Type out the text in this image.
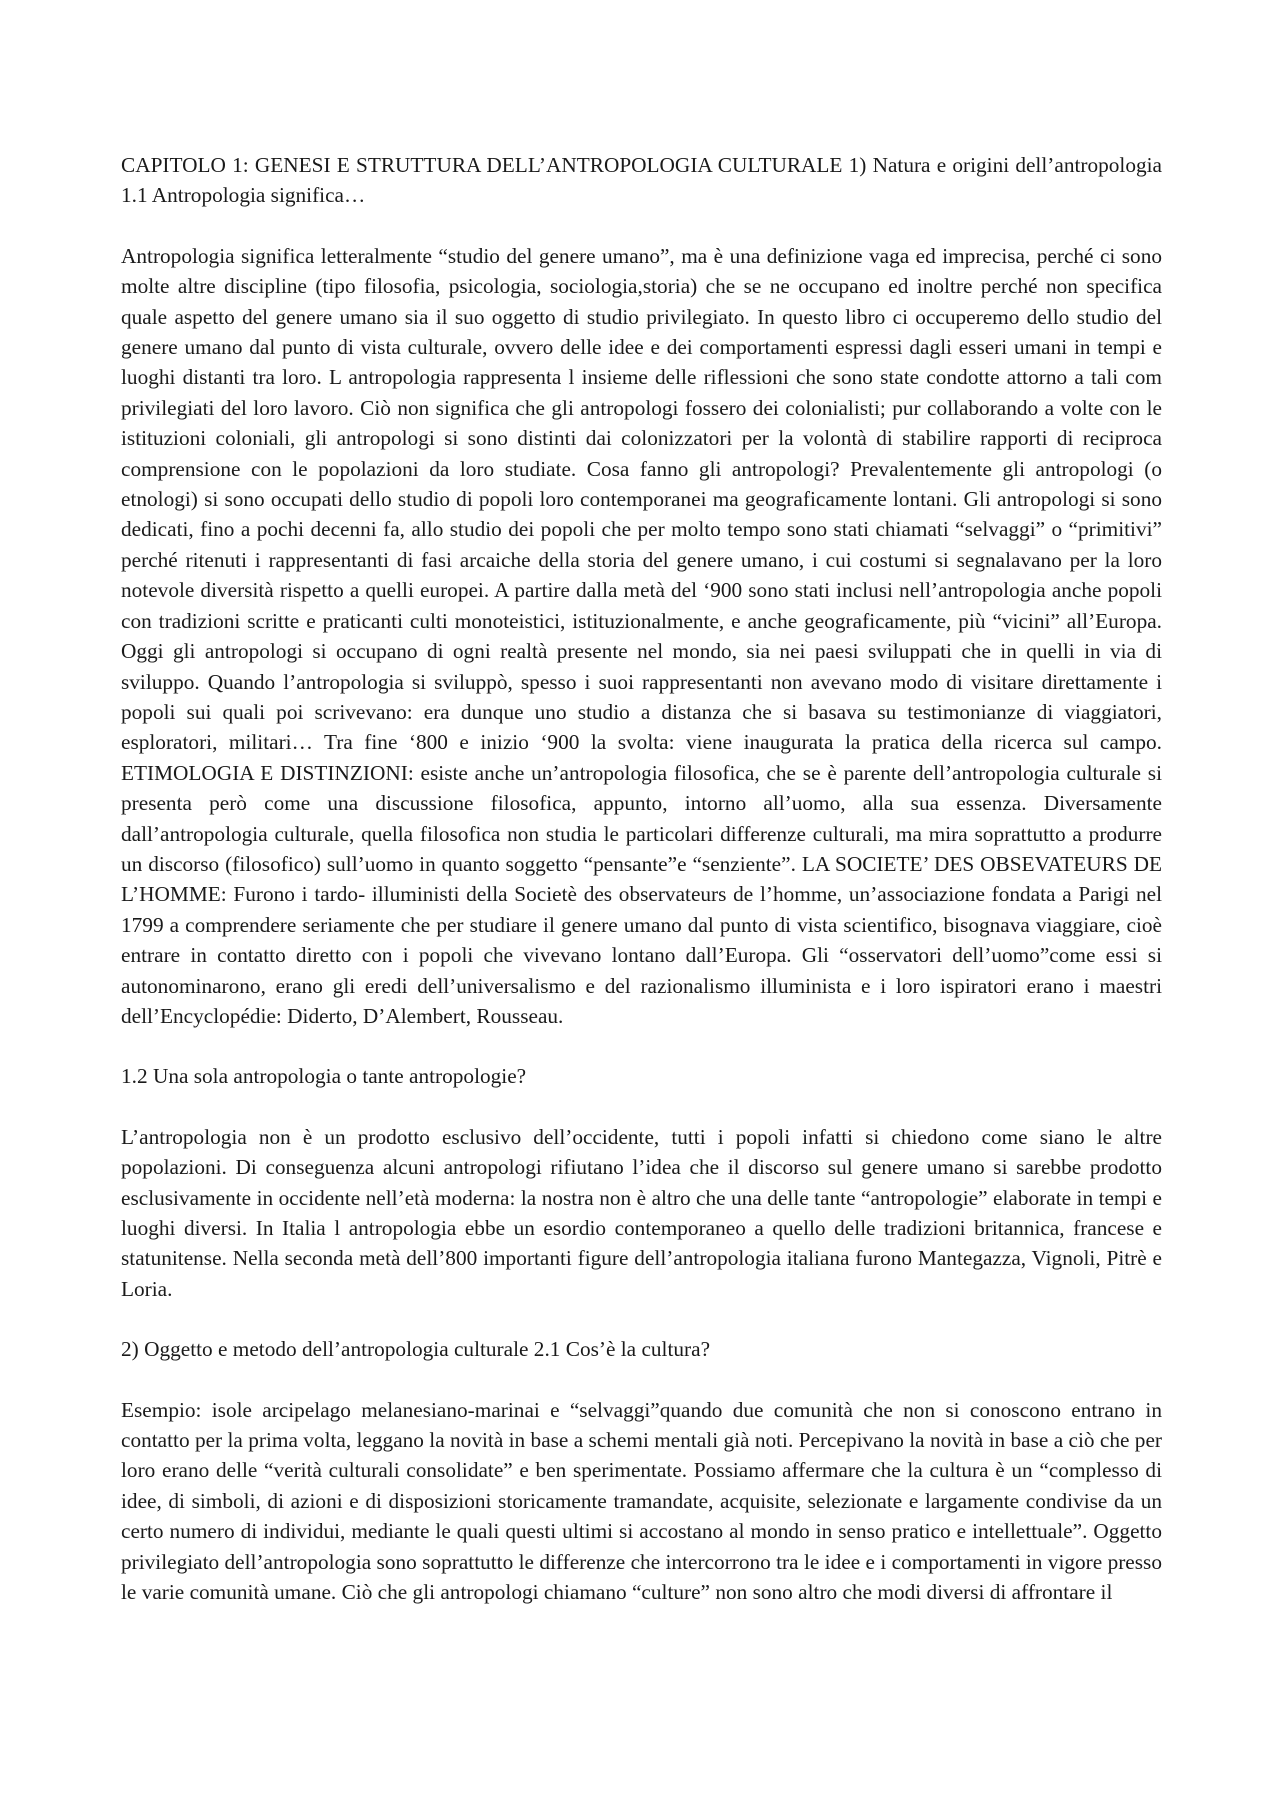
CAPITOLO 1: GENESI E STRUTTURA DELL’ANTROPOLOGIA CULTURALE 1) Natura e origini dell’antropologia 1.1 Antropologia significa…

Antropologia significa letteralmente “studio del genere umano”, ma è una definizione vaga ed imprecisa, perché ci sono molte altre discipline (tipo filosofia, psicologia, sociologia,storia) che se ne occupano ed inoltre perché non specifica quale aspetto del genere umano sia il suo oggetto di studio privilegiato. In questo libro ci occuperemo dello studio del genere umano dal punto di vista culturale, ovvero delle idee e dei comportamenti espressi dagli esseri umani in tempi e luoghi distanti tra loro. L antropologia rappresenta l insieme delle riflessioni che sono state condotte attorno a tali com privilegiati del loro lavoro. Ciò non significa che gli antropologi fossero dei colonialisti; pur collaborando a volte con le istituzioni coloniali, gli antropologi si sono distinti dai colonizzatori per la volontà di stabilire rapporti di reciproca comprensione con le popolazioni da loro studiate. Cosa fanno gli antropologi? Prevalentemente gli antropologi (o etnologi) si sono occupati dello studio di popoli loro contemporanei ma geograficamente lontani. Gli antropologi si sono dedicati, fino a pochi decenni fa, allo studio dei popoli che per molto tempo sono stati chiamati “selvaggi” o “primitivi” perché ritenuti i rappresentanti di fasi arcaiche della storia del genere umano, i cui costumi si segnalavano per la loro notevole diversità rispetto a quelli europei. A partire dalla metà del ‘900 sono stati inclusi nell’antropologia anche popoli con tradizioni scritte e praticanti culti monoteistici, istituzionalmente, e anche geograficamente, più “vicini” all’Europa. Oggi gli antropologi si occupano di ogni realtà presente nel mondo, sia nei paesi sviluppati che in quelli in via di sviluppo. Quando l’antropologia si sviluppò, spesso i suoi rappresentanti non avevano modo di visitare direttamente i popoli sui quali poi scrivevano: era dunque uno studio a distanza che si basava su testimonianze di viaggiatori, esploratori, militari… Tra fine ‘800 e inizio ‘900 la svolta: viene inaugurata la pratica della ricerca sul campo. ETIMOLOGIA E DISTINZIONI: esiste anche un’antropologia filosofica, che se è parente dell’antropologia culturale si presenta però come una discussione filosofica, appunto, intorno all’uomo, alla sua essenza. Diversamente dall’antropologia culturale, quella filosofica non studia le particolari differenze culturali, ma mira soprattutto a produrre un discorso (filosofico) sull’uomo in quanto soggetto “pensante”e “senziente”. LA SOCIETE’ DES OBSEVATEURS DE L’HOMME: Furono i tardo- illuministi della Societè des observateurs de l’homme, un’associazione fondata a Parigi nel 1799 a comprendere seriamente che per studiare il genere umano dal punto di vista scientifico, bisognava viaggiare, cioè entrare in contatto diretto con i popoli che vivevano lontano dall’Europa. Gli “osservatori dell’uomo”come essi si autonominarono, erano gli eredi dell’universalismo e del razionalismo illuminista e i loro ispiratori erano i maestri dell’Encyclopédie: Diderto, D’Alembert, Rousseau.

1.2 Una sola antropologia o tante antropologie?

L’antropologia non è un prodotto esclusivo dell’occidente, tutti i popoli infatti si chiedono come siano le altre popolazioni. Di conseguenza alcuni antropologi rifiutano l’idea che il discorso sul genere umano si sarebbe prodotto esclusivamente in occidente nell’età moderna: la nostra non è altro che una delle tante “antropologie” elaborate in tempi e luoghi diversi. In Italia l antropologia ebbe un esordio contemporaneo a quello delle tradizioni britannica, francese e statunitense. Nella seconda metà dell’800 importanti figure dell’antropologia italiana furono Mantegazza, Vignoli, Pitrè e Loria.

2) Oggetto e metodo dell’antropologia culturale 2.1 Cos’è la cultura?

Esempio: isole arcipelago melanesiano-marinai e “selvaggi”quando due comunità che non si conoscono entrano in contatto per la prima volta, leggano la novità in base a schemi mentali già noti. Percepivano la novità in base a ciò che per loro erano delle “verità culturali consolidate” e ben sperimentate. Possiamo affermare che la cultura è un “complesso di idee, di simboli, di azioni e di disposizioni storicamente tramandate, acquisite, selezionate e largamente condivise da un certo numero di individui, mediante le quali questi ultimi si accostano al mondo in senso pratico e intellettuale”. Oggetto privilegiato dell’antropologia sono soprattutto le differenze che intercorrono tra le idee e i comportamenti in vigore presso le varie comunità umane. Ciò che gli antropologi chiamano “culture” non sono altro che modi diversi di affrontare il
